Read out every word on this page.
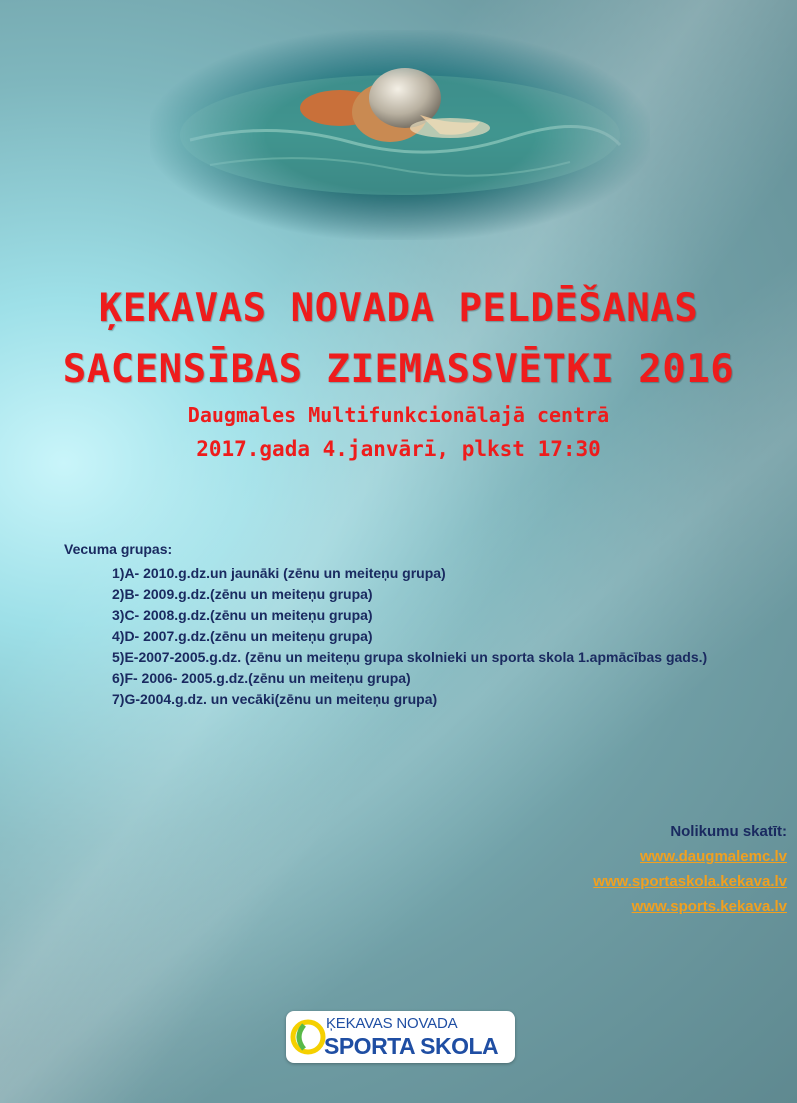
ĶEKAVAS NOVADA PELDĒŠANAS
SACENSĪBAS ZIEMASSVĒTKI 2016

Daugmales Multifunkcionālajā centrā

2017.gada 4.janvārī, plkst 17:30

Vecuma grupas:

1)A- 2010.g.dz.un jaunāki (zēnu un meiteņu grupa)
2)B- 2009.g.dz.(zēnu un meiteņu grupa)
3)C- 2008.g.dz.(zēnu un meiteņu grupa)
4)D- 2007.g.dz.(zēnu un meiteņu grupa)
5)E-2007-2005.g.dz. (zēnu un meiteņu grupa skolnieki un sporta skola 1.apmācības gads.)
6)F- 2006- 2005.g.dz.(zēnu un meiteņu grupa)
7)G-2004.g.dz. un vecāki(zēnu un meiteņu grupa)
Nolikumu skatīt:
www.daugmalemc.lv
www.sportaskola.kekava.lv
www.sports.kekava.lv
ĶEKAVAS NOVADA
SPORTA SKOLA
